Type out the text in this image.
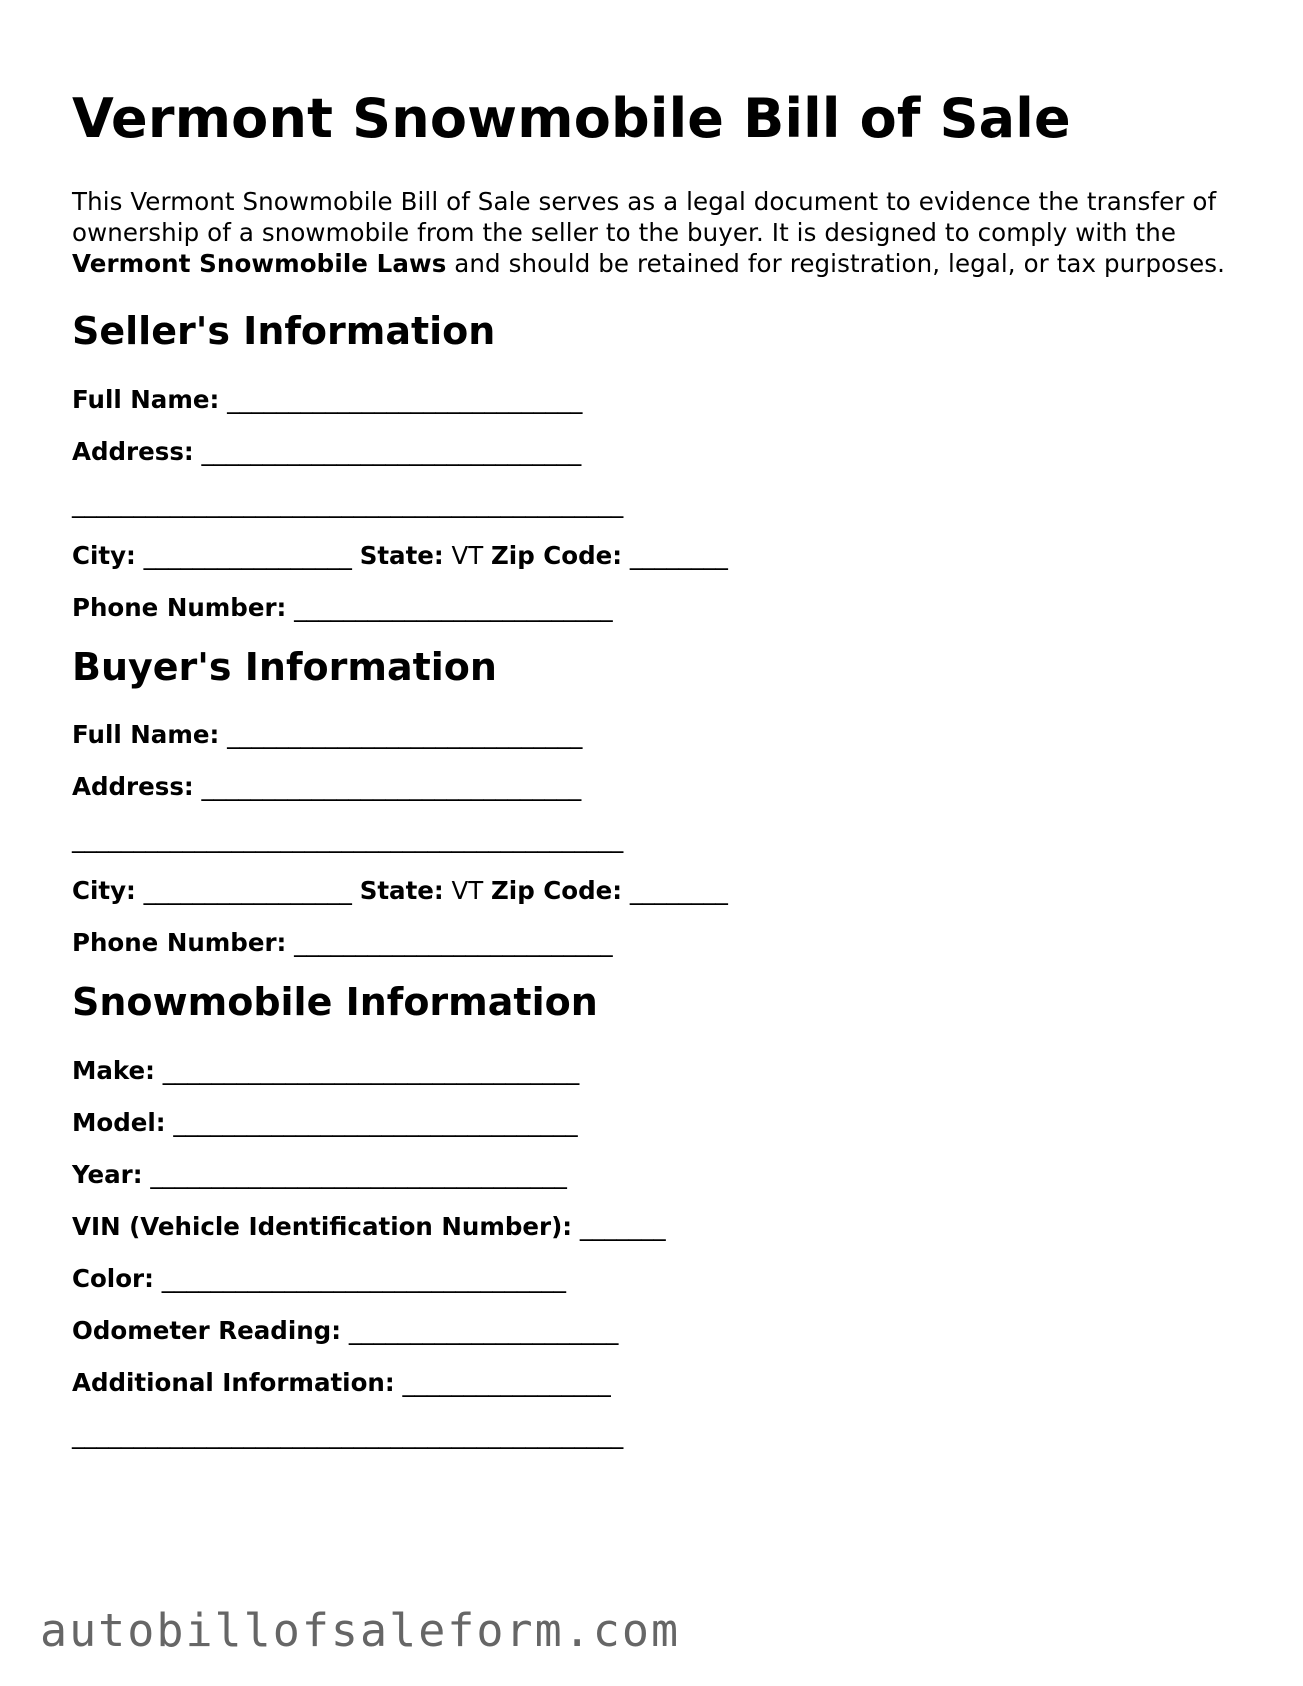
Vermont Snowmobile Bill of Sale

This Vermont Snowmobile Bill of Sale serves as a legal document to evidence the transfer of ownership of a snowmobile from the seller to the buyer. It is designed to comply with the Vermont Snowmobile Laws and should be retained for registration, legal, or tax purposes.

Seller's Information
Full Name: _____________________________
Address: _______________________________
_____________________________________________
City: _________________ State: VT Zip Code: ________
Phone Number: __________________________
Buyer's Information
Full Name: _____________________________
Address: _______________________________
_____________________________________________
City: _________________ State: VT Zip Code: ________
Phone Number: __________________________
Snowmobile Information
Make: __________________________________
Model: _________________________________
Year: __________________________________
VIN (Vehicle Identification Number): _______
Color: _________________________________
Odometer Reading: ______________________
Additional Information: _________________
_____________________________________________
autobillofsaleform.com
